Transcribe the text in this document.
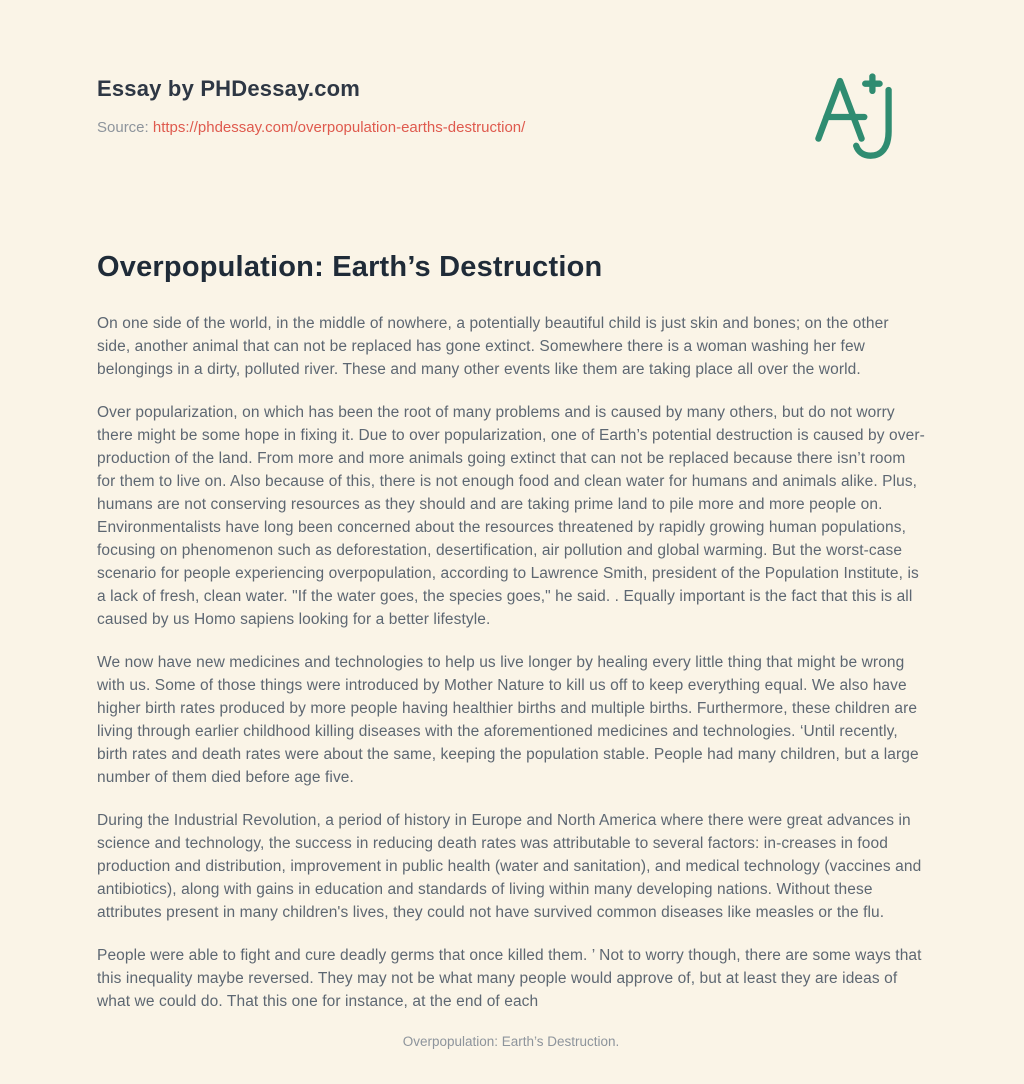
Essay by PHDessay.com
Source: https://phdessay.com/overpopulation-earths-destruction/
Overpopulation: Earth’s Destruction

On one side of the world, in the middle of nowhere, a potentially beautiful child is just skin and bones; on the other side, another animal that can not be replaced has gone extinct. Somewhere there is a woman washing her few belongings in a dirty, polluted river. These and many other events like them are taking place all over the world.

Over popularization, on which has been the root of many problems and is caused by many others, but do not worry there might be some hope in fixing it. Due to over popularization, one of Earth’s potential destruction is caused by over-production of the land. From more and more animals going extinct that can not be replaced because there isn’t room for them to live on. Also because of this, there is not enough food and clean water for humans and animals alike. Plus, humans are not conserving resources as they should and are taking prime land to pile more and more people on. Environmentalists have long been concerned about the resources threatened by rapidly growing human populations, focusing on phenomenon such as deforestation, desertification, air pollution and global warming. But the worst-case scenario for people experiencing overpopulation, according to Lawrence Smith, president of the Population Institute, is a lack of fresh, clean water. "If the water goes, the species goes," he said. . Equally important is the fact that this is all caused by us Homo sapiens looking for a better lifestyle.

We now have new medicines and technologies to help us live longer by healing every little thing that might be wrong with us. Some of those things were introduced by Mother Nature to kill us off to keep everything equal. We also have higher birth rates produced by more people having healthier births and multiple births. Furthermore, these children are living through earlier childhood killing diseases with the aforementioned medicines and technologies. ‘Until recently, birth rates and death rates were about the same, keeping the population stable. People had many children, but a large number of them died before age five.

During the Industrial Revolution, a period of history in Europe and North America where there were great advances in science and technology, the success in reducing death rates was attributable to several factors: in-creases in food production and distribution, improvement in public health (water and sanitation), and medical technology (vaccines and antibiotics), along with gains in education and standards of living within many developing nations. Without these attributes present in many children's lives, they could not have survived common diseases like measles or the flu.

People were able to fight and cure deadly germs that once killed them. ’ Not to worry though, there are some ways that this inequality maybe reversed. They may not be what many people would approve of, but at least they are ideas of what we could do. That this one for instance, at the end of each

Overpopulation: Earth’s Destruction.
